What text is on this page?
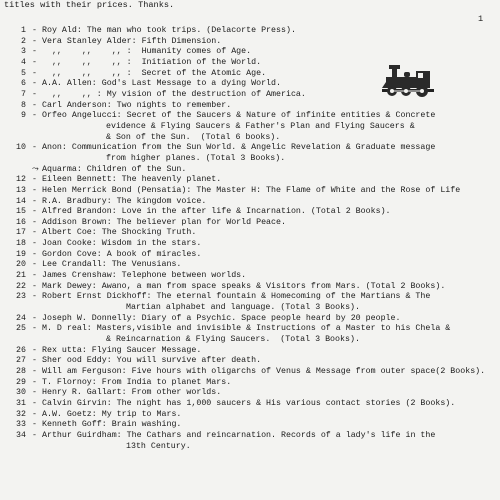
titles with their prices. Thanks.
1
1 - Roy Ald: The man who took trips. (Delacorte Press).
2 - Vera Stanley Alder: Fifth Dimension.
3 - ,,    ,,    ,, :  Humanity comes of Age.
4 - ,,    ,,    ,, :  Initiation of the World.
5 - ,,    ,,    ,, :  Secret of the Atomic Age.
6 - A.A. Allen: God's Last Message to a dying World.
7 - ,,    ,, : My vision of the destruction of America.
8 - Carl Anderson: Two nights to remember.
9 - Orfeo Angelucci: Secret of the Saucers & Nature of infinite entities & Concrete
evidence & Flying Saucers & Father's Plan and Flying Saucers &
& Son of the Sun.  (Total 6 books).
10 - Anon: Communication from the Sun World. & Angelic Revelation & Graduate message
from higher planes. (Total 3 Books).
⤳ Aquarma: Children of the Sun.
12 - Eileen Bennett: The heavenly planet.
13 - Helen Merrick Bond (Pensatia): The Master H: The Flame of White and the Rose of Life
14 - R.A. Bradbury: The kingdom voice.
15 - Alfred Brandon: Love in the after life & Incarnation. (Total 2 Books).
16 - Addison Brown: The believer plan for World Peace.
17 - Albert Coe: The Shocking Truth.
18 - Joan Cooke: Wisdom in the stars.
19 - Gordon Cove: A book of miracles.
20 - Lee Crandall: The Venusians.
21 - James Crenshaw: Telephone between worlds.
22 - Mark Dewey: Awano, a man from space speaks & Visitors from Mars. (Total 2 Books).
23 - Robert Ernst Dickhoff: The eternal fountain & Homecoming of the Martians & The
Martian alphabet and language. (Total 3 Books).
24 - Joseph W. Donnelly: Diary of a Psychic. Space people heard by 20 people.
25 - M. D real: Masters,visible and invisible & Instructions of a Master to his Chela &
& Reincarnation & Flying Saucers.  (Total 3 Books).
26 - Rex utta: Flying Saucer Message.
27 - Sher ood Eddy: You will survive after death.
28 - Will am Ferguson: Five hours with oligarchs of Venus & Message from outer space(2 Books).
29 - T. Flornoy: From India to planet Mars.
30 - Henry R. Gallart: From other worlds.
31 - Calvin Girvin: The night has 1,000 saucers & His various contact stories (2 Books).
32 - A.W. Goetz: My trip to Mars.
33 - Kenneth Goff: Brain washing.
34 - Arthur Guirdham: The Cathars and reincarnation. Records of a lady's life in the
13th Century.
